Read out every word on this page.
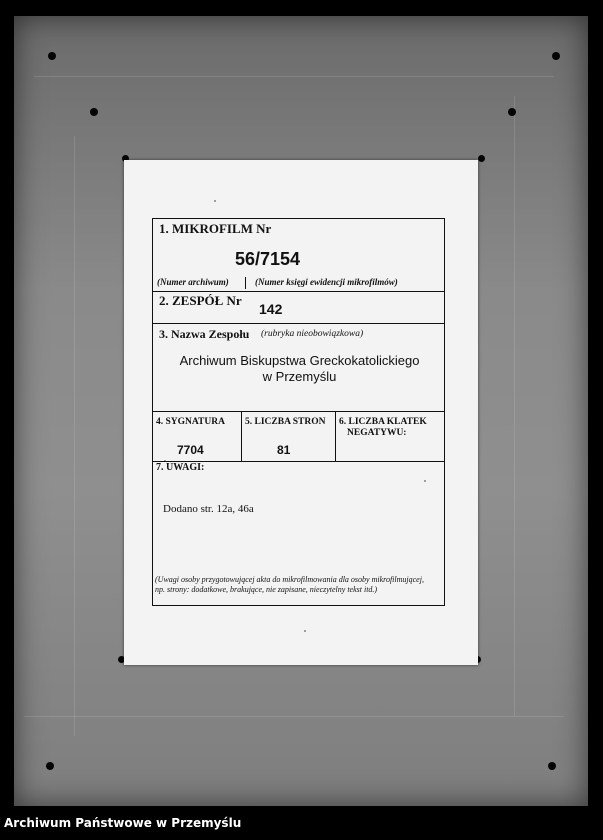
1. MIKROFILM Nr
56/7154
(Numer archiwum)	(Numer księgi ewidencji mikrofilmów)
2. ZESPÓŁ Nr
142
3. Nazwa Zespołu (rubryka nieobowiązkowa)
Archiwum Biskupstwa Greckokatolickiego
w Przemyślu
4. SYGNATURA
7704
5. LICZBA STRON
81
6. LICZBA KLATEK
NEGATYWU:
7. UWAGI:
Dodano str. 12a, 46a
(Uwagi osoby przygotowującej akta do mikrofilmowania dla osoby mikrofilmującej,
np. strony: dodatkowe, brakujące, nie zapisane, nieczytelny tekst itd.)
Archiwum Państwowe w Przemyślu
